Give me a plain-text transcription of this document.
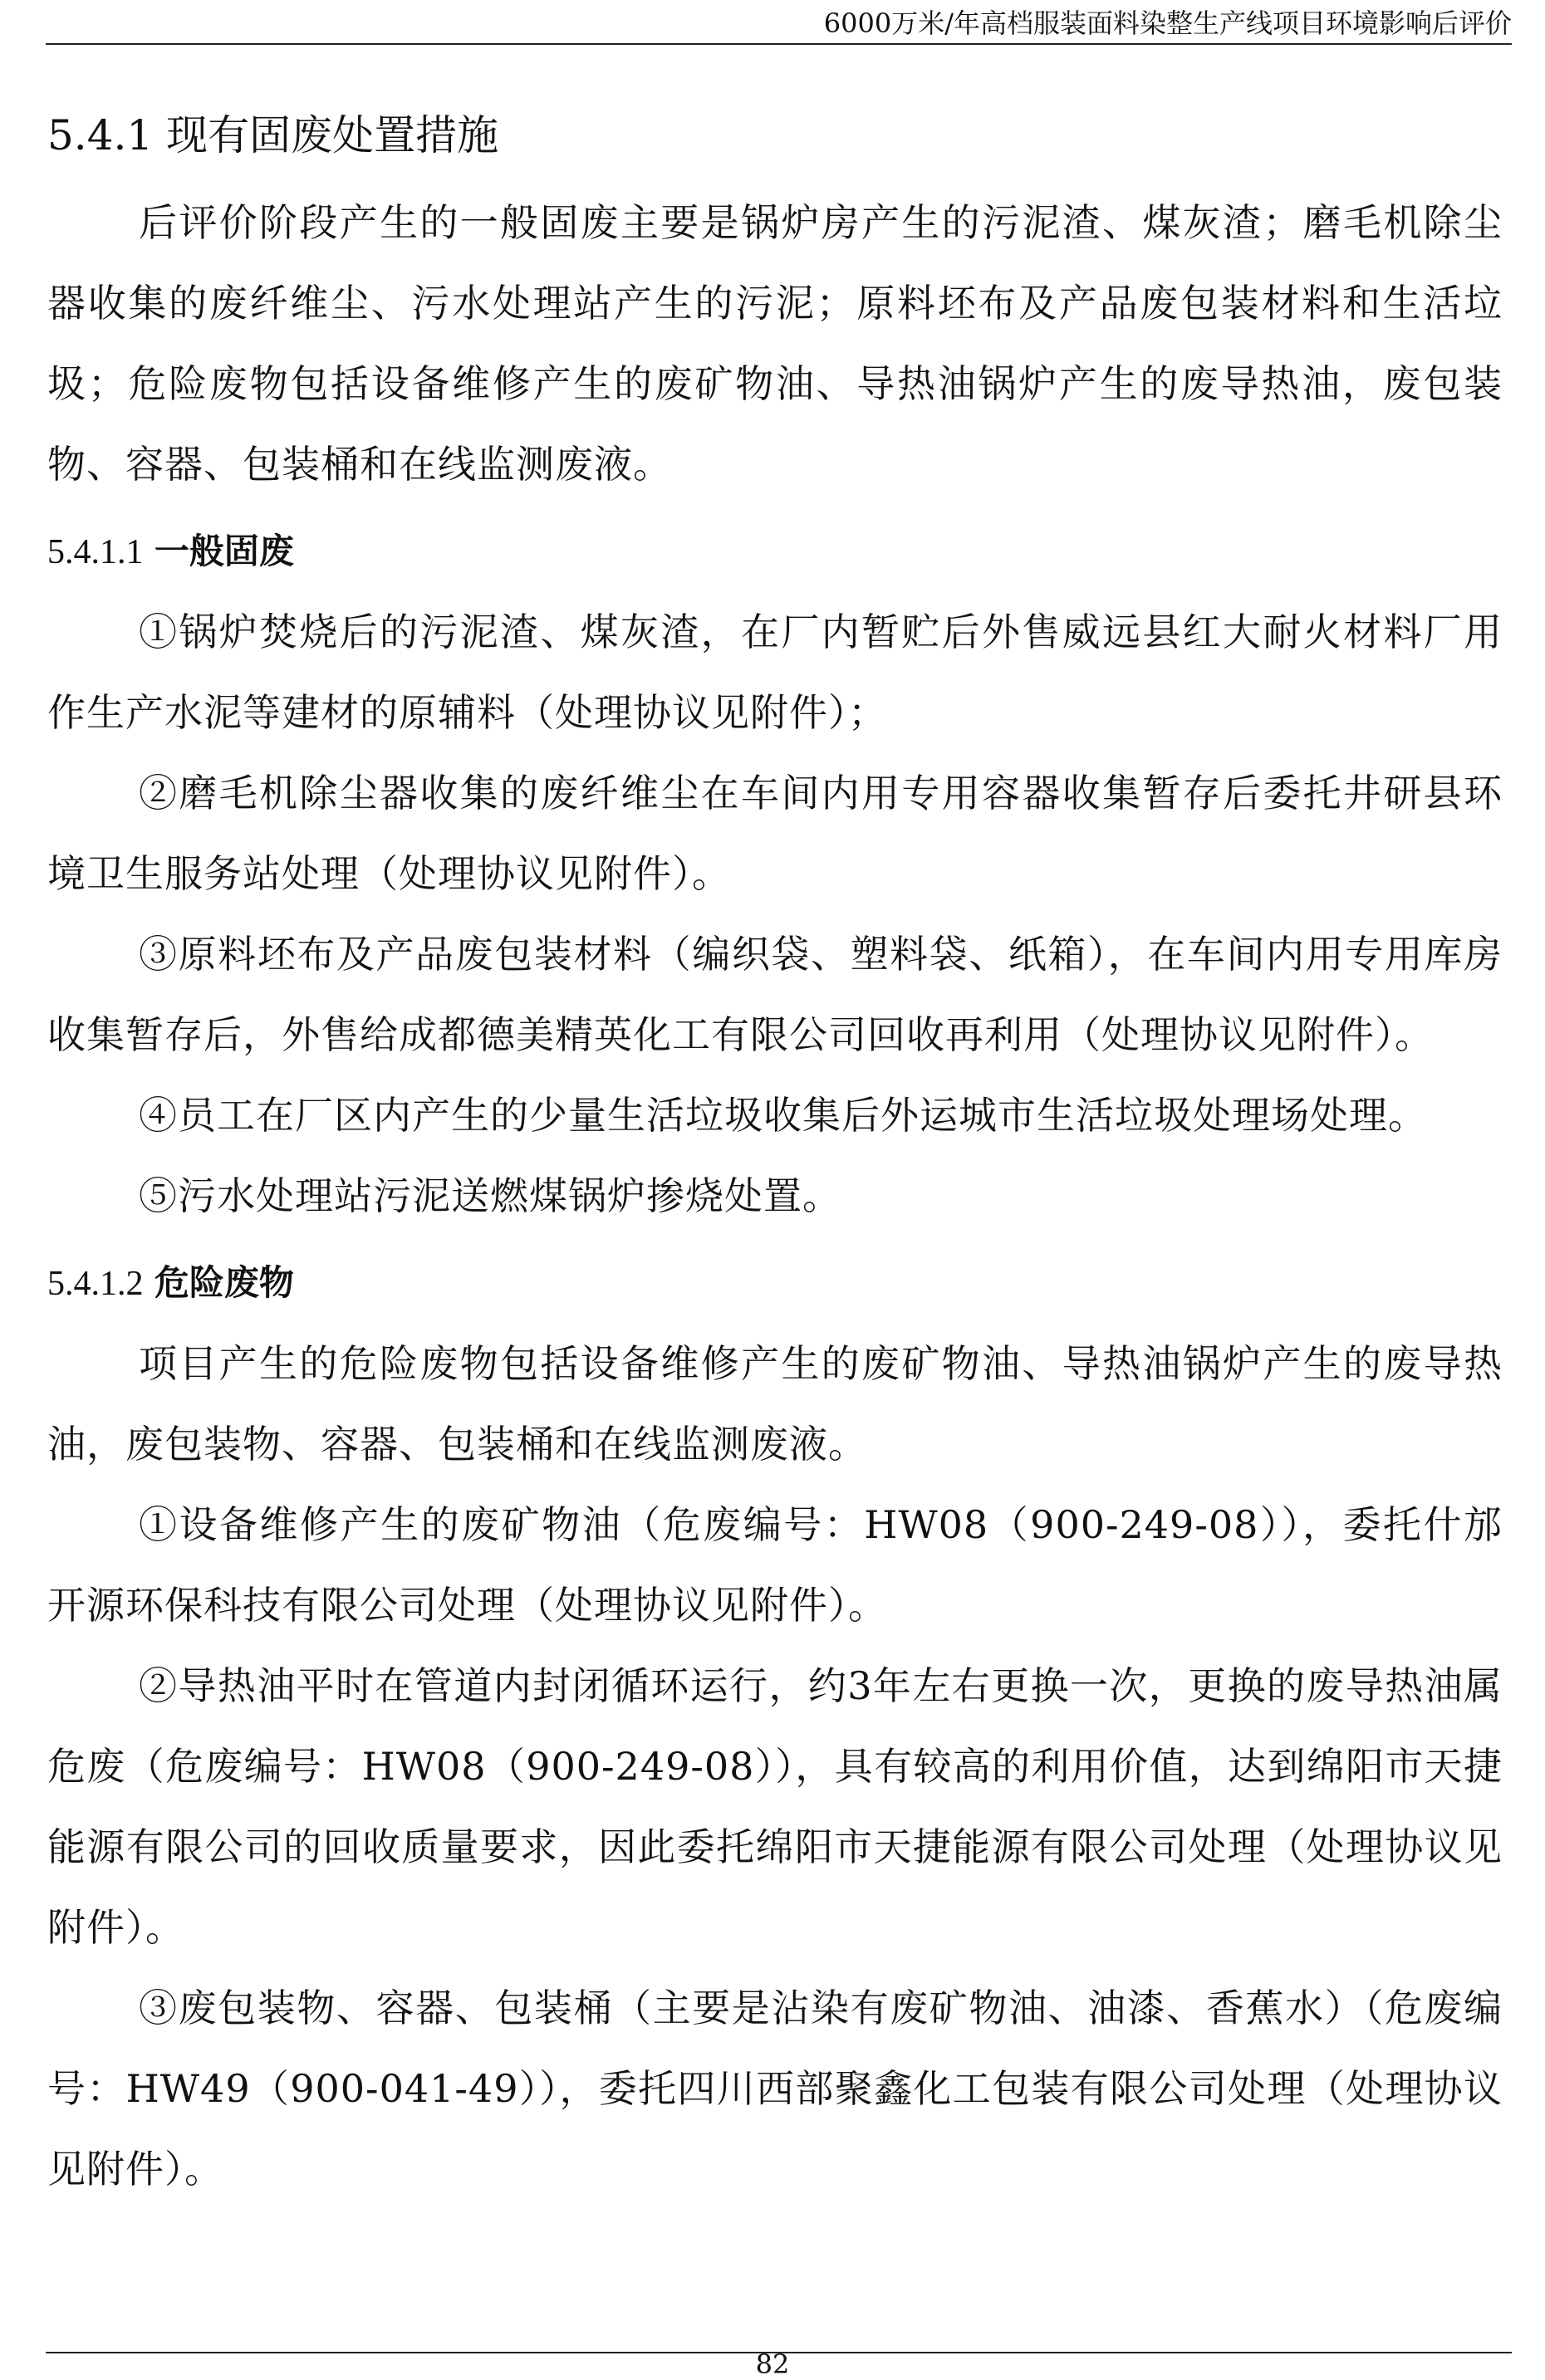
6000万米/年高档服装面料染整生产线项目环境影响后评价
5.4.1 现有固废处置措施

后评价阶段产生的一般固废主要是锅炉房产生的污泥渣、煤灰渣；磨毛机除尘器收集的废纤维尘、污水处理站产生的污泥；原料坯布及产品废包装材料和生活垃圾；危险废物包括设备维修产生的废矿物油、导热油锅炉产生的废导热油，废包装物、容器、包装桶和在线监测废液。

5.4.1.1 一般固废

①锅炉焚烧后的污泥渣、煤灰渣，在厂内暂贮后外售威远县红大耐火材料厂用作生产水泥等建材的原辅料（处理协议见附件）；

②磨毛机除尘器收集的废纤维尘在车间内用专用容器收集暂存后委托井研县环境卫生服务站处理（处理协议见附件）。

③原料坯布及产品废包装材料（编织袋、塑料袋、纸箱），在车间内用专用库房收集暂存后，外售给成都德美精英化工有限公司回收再利用（处理协议见附件）。

④员工在厂区内产生的少量生活垃圾收集后外运城市生活垃圾处理场处理。

⑤污水处理站污泥送燃煤锅炉掺烧处置。

5.4.1.2 危险废物

项目产生的危险废物包括设备维修产生的废矿物油、导热油锅炉产生的废导热油，废包装物、容器、包装桶和在线监测废液。

①设备维修产生的废矿物油（危废编号：HW08（900-249-08）），委托什邡开源环保科技有限公司处理（处理协议见附件）。

②导热油平时在管道内封闭循环运行，约3年左右更换一次，更换的废导热油属危废（危废编号：HW08（900-249-08）），具有较高的利用价值，达到绵阳市天捷能源有限公司的回收质量要求，因此委托绵阳市天捷能源有限公司处理（处理协议见附件）。

③废包装物、容器、包装桶（主要是沾染有废矿物油、油漆、香蕉水）（危废编号：HW49（900-041-49）），委托四川西部聚鑫化工包装有限公司处理（处理协议见附件）。

82
